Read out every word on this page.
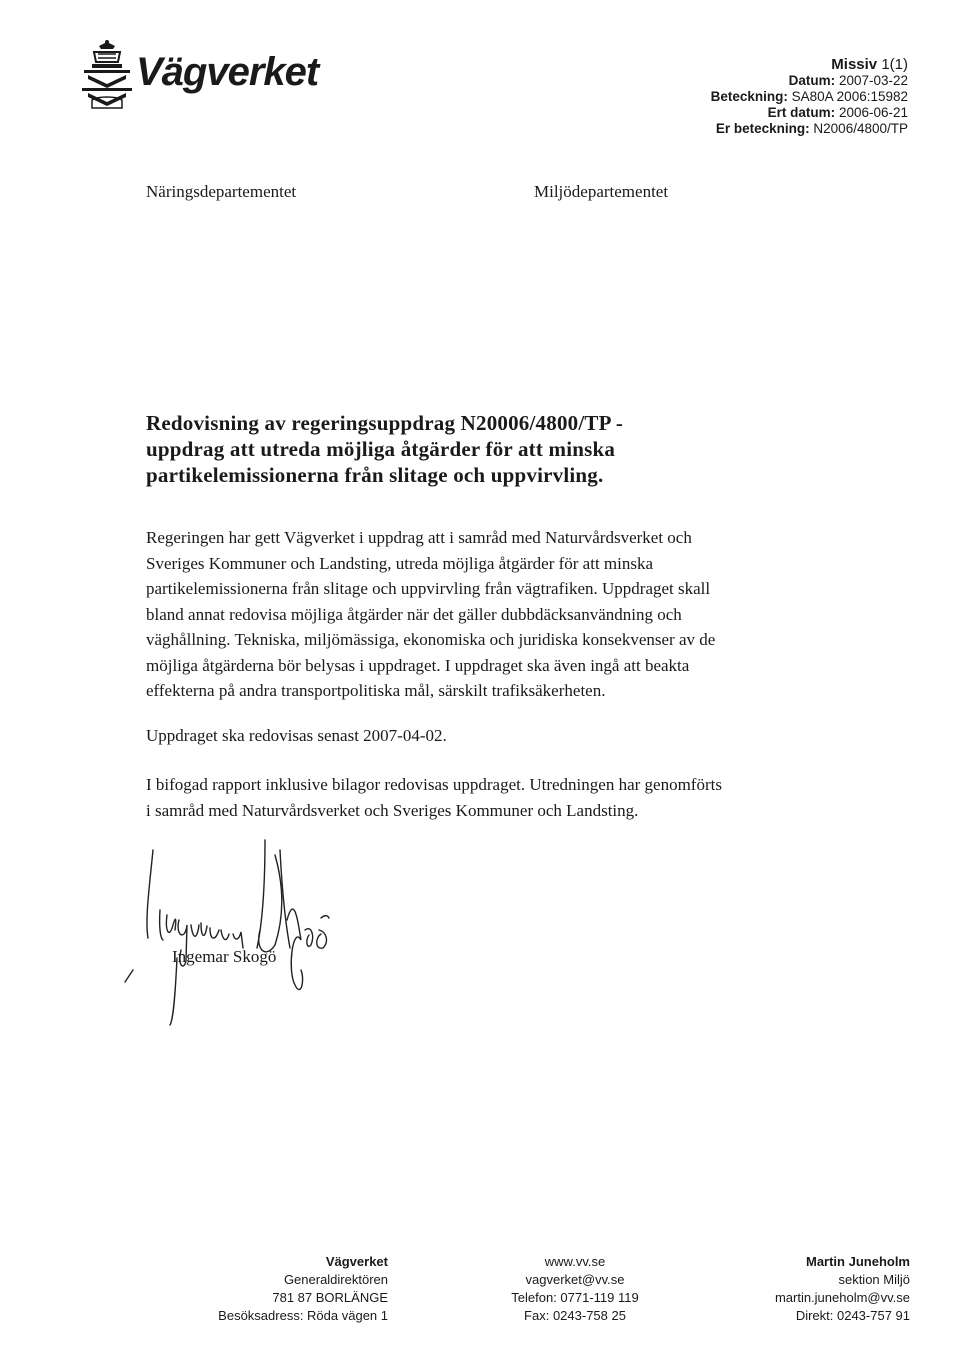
Vägverket	Missiv 1(1)
Datum: 2007-03-22
Beteckning: SA80A 2006:15982
Ert datum: 2006-06-21
Er beteckning: N2006/4800/TP
Näringsdepartementet	Miljödepartementet
Redovisning av regeringsuppdrag N20006/4800/TP -
uppdrag att utreda möjliga åtgärder för att minska
partikelemissionerna från slitage och uppvirvling.
Regeringen har gett Vägverket i uppdrag att i samråd med Naturvårdsverket och
Sveriges Kommuner och Landsting, utreda möjliga åtgärder för att minska
partikelemissionerna från slitage och uppvirvling från vägtrafiken. Uppdraget skall
bland annat redovisa möjliga åtgärder när det gäller dubbdäcksanvändning och
väghållning. Tekniska, miljömässiga, ekonomiska och juridiska konsekvenser av de
möjliga åtgärderna bör belysas i uppdraget. I uppdraget ska även ingå att beakta
effekterna på andra transportpolitiska mål, särskilt trafiksäkerheten.
Uppdraget ska redovisas senast 2007-04-02.
I bifogad rapport inklusive bilagor redovisas uppdraget. Utredningen har genomförts
i samråd med Naturvårdsverket och Sveriges Kommuner och Landsting.
Ingemar Skogö
Vägverket
Generaldirektören
781 87 BORLÄNGE
Besöksadress: Röda vägen 1
www.vv.se
vagverket@vv.se
Telefon: 0771-119 119
Fax: 0243-758 25
Martin Juneholm
sektion Miljö
martin.juneholm@vv.se
Direkt: 0243-757 91
